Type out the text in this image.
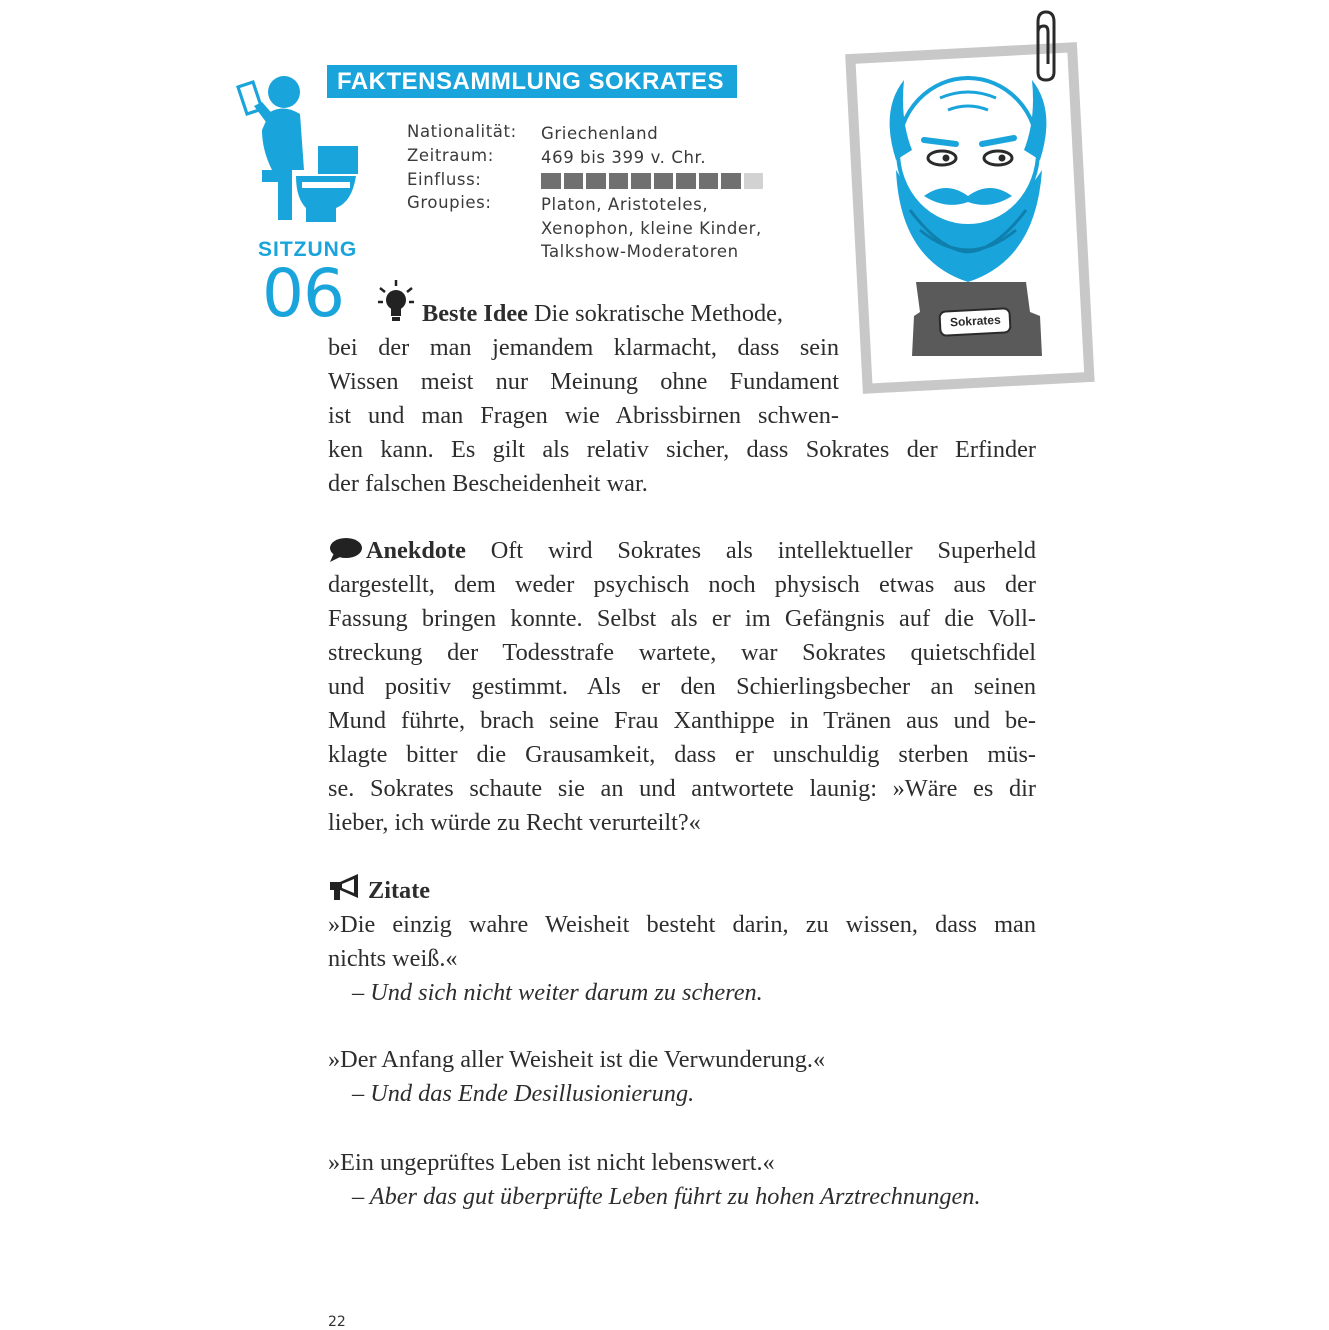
SITZUNG
06
FAKTENSAMMLUNG SOKRATES
Nationalität: Griechenland
Zeitraum:	469 bis 399 v. Chr.
Einfluss:
Groupies:	Platon, Aristoteles,
Xenophon, kleine Kinder,
Talkshow-Moderatoren
Sokrates
Beste Idee Die sokratische Methode,
bei der man jemandem klarmacht, dass sein
Wissen meist nur Meinung ohne Fundament
ist und man Fragen wie Abrissbirnen schwen-
ken kann. Es gilt als relativ sicher, dass Sokrates der Erfinder
der falschen Bescheidenheit war.
Anekdote Oft wird Sokrates als intellektueller Superheld
dargestellt, dem weder psychisch noch physisch etwas aus der
Fassung bringen konnte. Selbst als er im Gefängnis auf die Voll-
streckung der Todesstrafe wartete, war Sokrates quietschfidel
und positiv gestimmt. Als er den Schierlingsbecher an seinen
Mund führte, brach seine Frau Xanthippe in Tränen aus und be-
klagte bitter die Grausamkeit, dass er unschuldig sterben müs-
se. Sokrates schaute sie an und antwortete launig: »Wäre es dir
lieber, ich würde zu Recht verurteilt?«
Zitate
»Die einzig wahre Weisheit besteht darin, zu wissen, dass man
nichts weiß.«
– Und sich nicht weiter darum zu scheren.
»Der Anfang aller Weisheit ist die Verwunderung.«
– Und das Ende Desillusionierung.
»Ein ungeprüftes Leben ist nicht lebenswert.«
– Aber das gut überprüfte Leben führt zu hohen Arztrechnungen.
22
